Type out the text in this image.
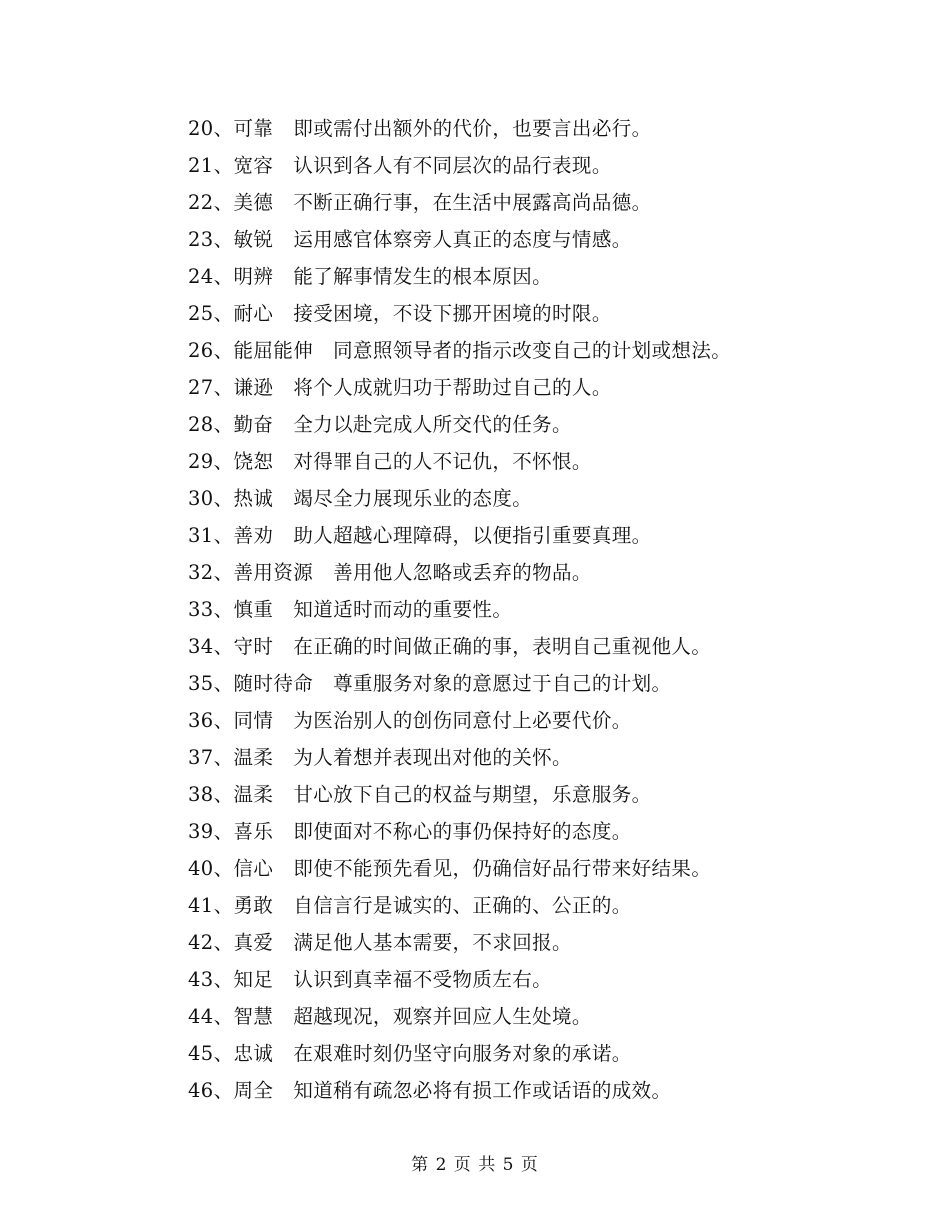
20、可靠 即或需付出额外的代价，也要言出必行。
21、宽容 认识到各人有不同层次的品行表现。
22、美德 不断正确行事，在生活中展露高尚品德。
23、敏锐 运用感官体察旁人真正的态度与情感。
24、明辨 能了解事情发生的根本原因。
25、耐心 接受困境，不设下挪开困境的时限。
26、能屈能伸 同意照领导者的指示改变自己的计划或想法。
27、谦逊 将个人成就归功于帮助过自己的人。
28、勤奋 全力以赴完成人所交代的任务。
29、饶恕 对得罪自己的人不记仇，不怀恨。
30、热诚 竭尽全力展现乐业的态度。
31、善劝 助人超越心理障碍，以便指引重要真理。
32、善用资源 善用他人忽略或丢弃的物品。
33、慎重 知道适时而动的重要性。
34、守时 在正确的时间做正确的事，表明自己重视他人。
35、随时待命 尊重服务对象的意愿过于自己的计划。
36、同情 为医治别人的创伤同意付上必要代价。
37、温柔 为人着想并表现出对他的关怀。
38、温柔 甘心放下自己的权益与期望，乐意服务。
39、喜乐 即使面对不称心的事仍保持好的态度。
40、信心 即使不能预先看见，仍确信好品行带来好结果。
41、勇敢 自信言行是诚实的、正确的、公正的。
42、真爱 满足他人基本需要，不求回报。
43、知足 认识到真幸福不受物质左右。
44、智慧 超越现况，观察并回应人生处境。
45、忠诚 在艰难时刻仍坚守向服务对象的承诺。
46、周全 知道稍有疏忽必将有损工作或话语的成效。
第 2 页 共 5 页
